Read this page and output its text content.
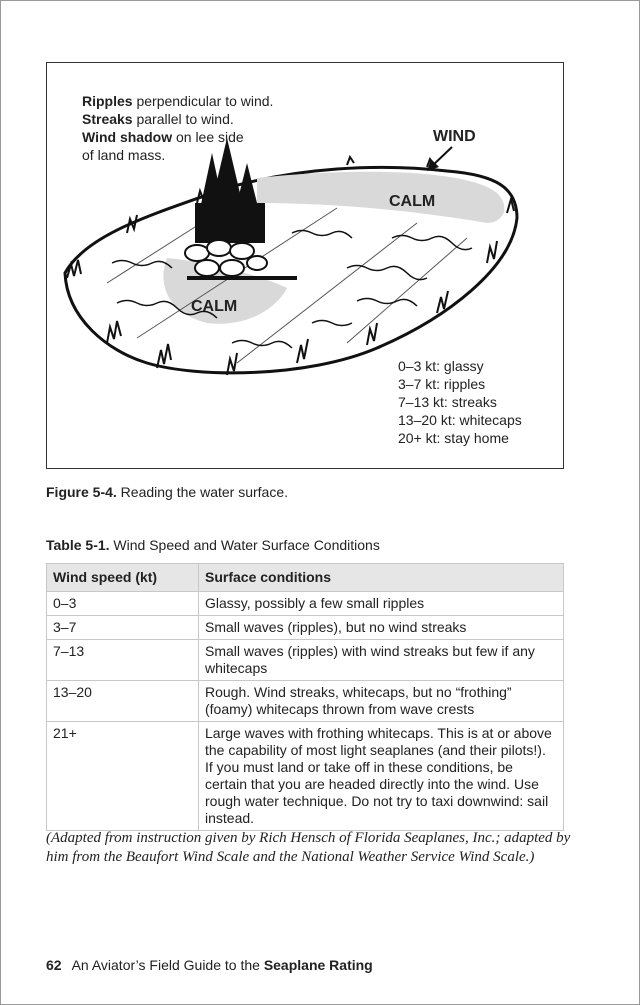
Ripples perpendicular to wind.
Streaks parallel to wind.
Wind shadow on lee side
of land mass.
WIND
CALM
CALM
0–3 kt: glassy
3–7 kt: ripples
7–13 kt: streaks
13–20 kt: whitecaps
20+ kt: stay home
Figure 5-4. Reading the water surface.
Table 5-1. Wind Speed and Water Surface Conditions
Wind speed (kt)	Surface conditions
0–3	Glassy, possibly a few small ripples
3–7	Small waves (ripples), but no wind streaks
7–13	Small waves (ripples) with wind streaks but few if any whitecaps
13–20	Rough. Wind streaks, whitecaps, but no “frothing” (foamy) whitecaps thrown from wave crests
21+	Large waves with frothing whitecaps. This is at or above the capability of most light seaplanes (and their pilots!). If you must land or take off in these conditions, be certain that you are headed directly into the wind. Use rough water technique. Do not try to taxi downwind: sail instead.
(Adapted from instruction given by Rich Hensch of Florida Seaplanes, Inc.; adapted by him from the Beaufort Wind Scale and the National Weather Service Wind Scale.)
62 An Aviator’s Field Guide to the Seaplane Rating
